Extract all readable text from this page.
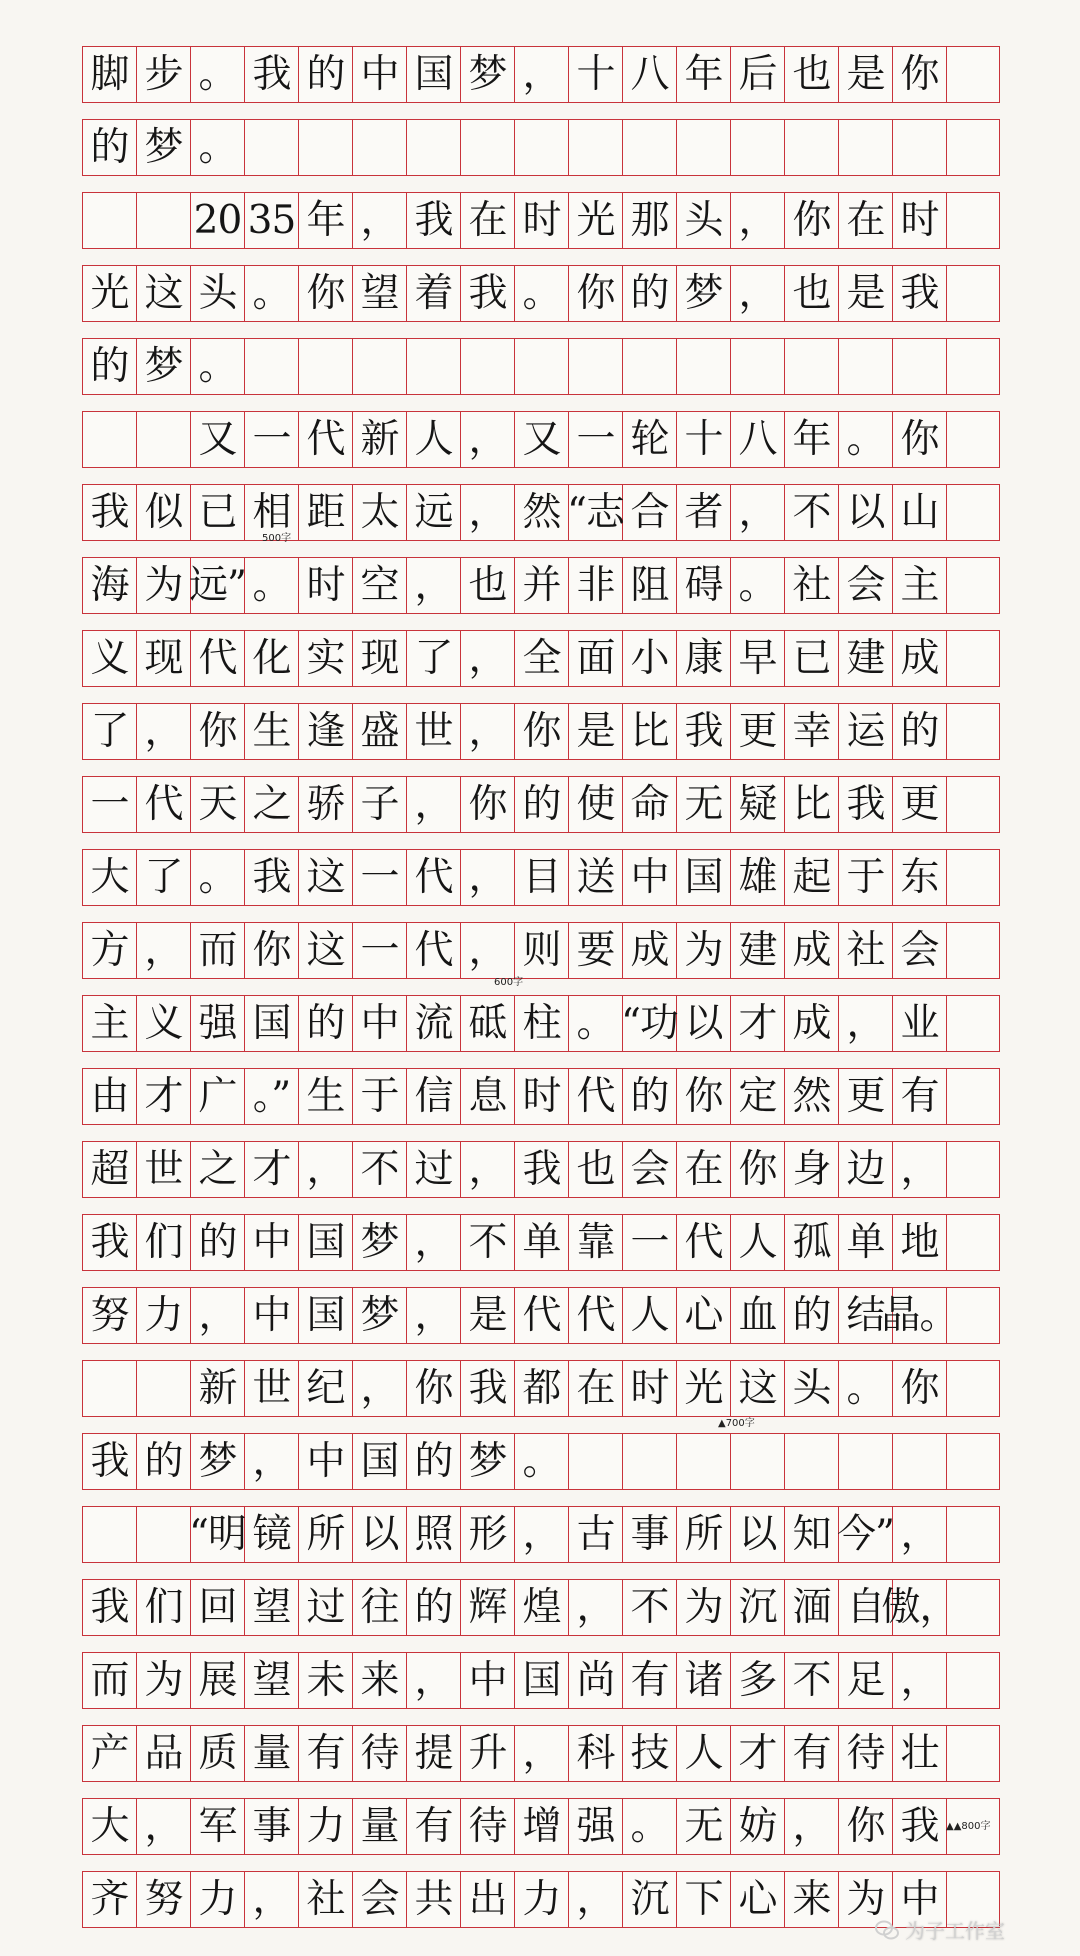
脚 步 。 我 的 中 国 梦 ， 十 八 年 后 也 是 你
的 梦 。
20 35 年 ， 我 在 时 光 那 头 ， 你 在 时
光 这 头 。 你 望 着 我 。 你 的 梦 ， 也 是 我
的 梦 。
又 一 代 新 人 ， 又 一 轮 十 八 年 。 你
我 似 已 相 距 太 远 ， 然 “志 合 者 ， 不 以 山
海 为 远” 。 时 空 ， 也 并 非 阻 碍 。 社 会 主
义 现 代 化 实 现 了 ， 全 面 小 康 早 已 建 成
了 ， 你 生 逢 盛 世 ， 你 是 比 我 更 幸 运 的
一 代 天 之 骄 子 ， 你 的 使 命 无 疑 比 我 更
大 了 。 我 这 一 代 ， 目 送 中 国 雄 起 于 东
方 ， 而 你 这 一 代 ， 则 要 成 为 建 成 社 会
主 义 强 国 的 中 流 砥 柱 。 “功 以 才 成 ， 业
由 才 广 。” 生 于 信 息 时 代 的 你 定 然 更 有
超 世 之 才 ， 不 过 ， 我 也 会 在 你 身 边 ，
我 们 的 中 国 梦 ， 不 单 靠 一 代 人 孤 单 地
努 力 ， 中 国 梦 ， 是 代 代 人 心 血 的 结
晶。
新 世 纪 ， 你 我 都 在 时 光 这 头 。 你
我 的 梦 ， 中 国 的 梦 。
“明 镜 所 以 照 形 ， 古 事 所 以 知 今” ，
我 们 回 望 过 往 的 辉 煌 ， 不 为 沉 湎 自
傲，
而 为 展 望 未 来 ， 中 国 尚 有 诸 多 不 足 ，
产 品 质 量 有 待 提 升 ， 科 技 人 才 有 待 壮
大 ， 军 事 力 量 有 待 增 强 。 无 妨 ， 你 我
齐 努 力 ， 社 会 共 出 力 ， 沉 下 心 来 为 中
500字
600字
▲700字
▲▲800字
为子工作室
